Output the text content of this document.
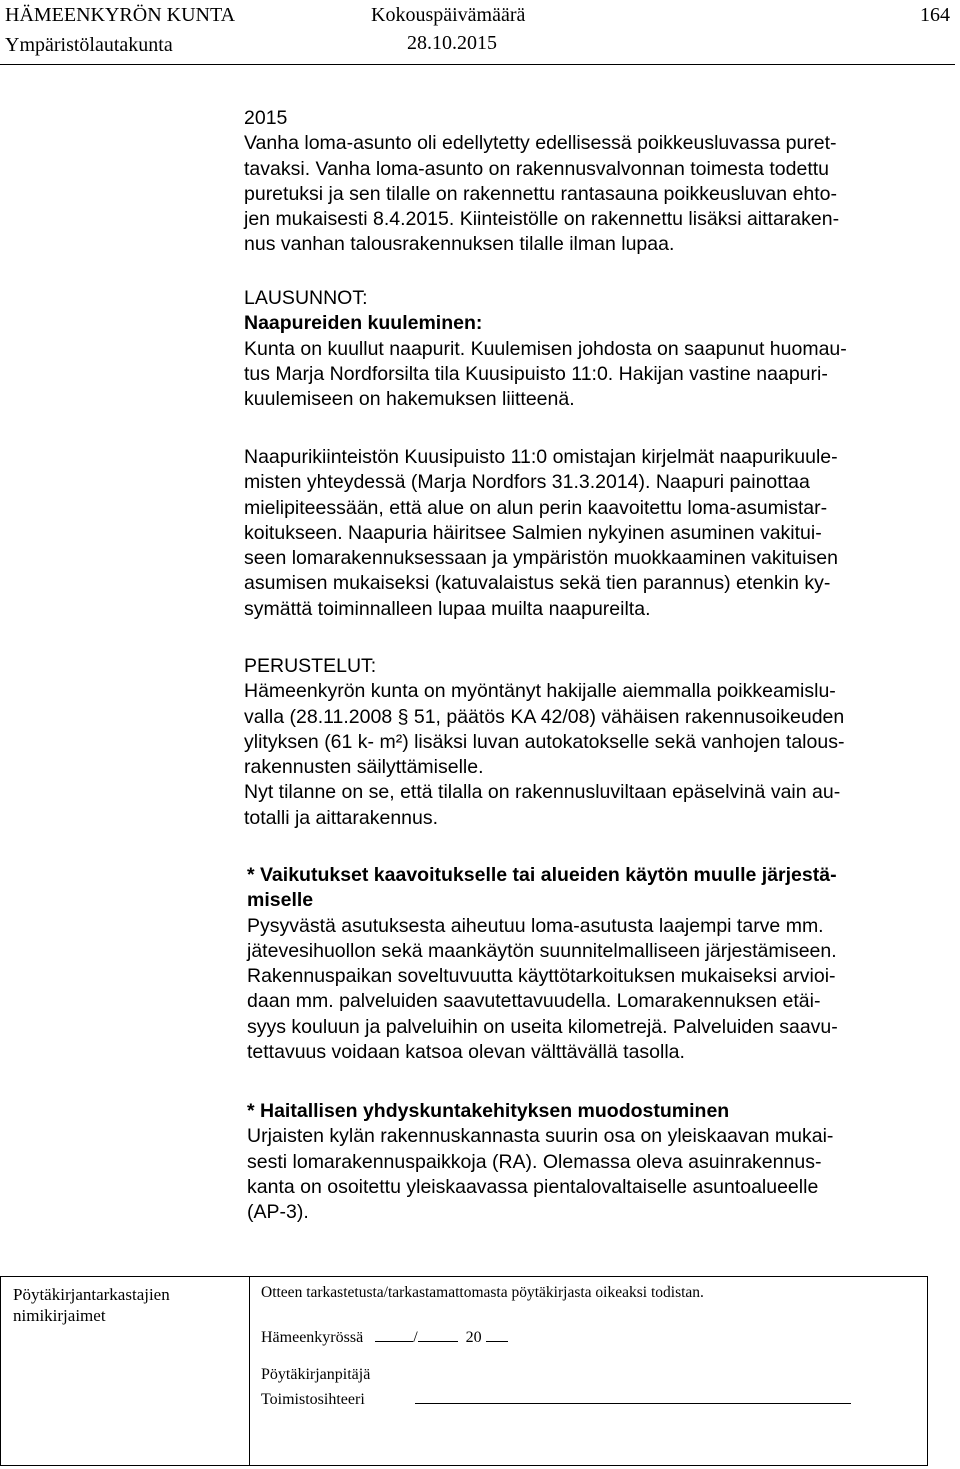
HÄMEENKYRÖN KUNTA	Kokouspäivämäärä
28.10.2015
164
Ympäristölautakunta
2015
Vanha loma-asunto oli edellytetty edellisessä poikkeusluvassa puret-
tavaksi. Vanha loma-asunto on rakennusvalvonnan toimesta todettu
puretuksi ja sen tilalle on rakennettu rantasauna poikkeusluvan ehto-
jen mukaisesti 8.4.2015. Kiinteistölle on rakennettu lisäksi aittaraken-
nus vanhan talousrakennuksen tilalle ilman lupaa.
LAUSUNNOT:
Naapureiden kuuleminen:
Kunta on kuullut naapurit. Kuulemisen johdosta on saapunut huomau-
tus Marja Nordforsilta tila Kuusipuisto 11:0. Hakijan vastine naapuri-
kuulemiseen on hakemuksen liitteenä.
Naapurikiinteistön Kuusipuisto 11:0 omistajan kirjelmät naapurikuule-
misten yhteydessä (Marja Nordfors 31.3.2014). Naapuri painottaa
mielipiteessään, että alue on alun perin kaavoitettu loma-asumistar-
koitukseen. Naapuria häiritsee Salmien nykyinen asuminen vakitui-
seen lomarakennuksessaan ja ympäristön muokkaaminen vakituisen
asumisen mukaiseksi (katuvalaistus sekä tien parannus) etenkin ky-
symättä toiminnalleen lupaa muilta naapureilta.
PERUSTELUT:
Hämeenkyrön kunta on myöntänyt hakijalle aiemmalla poikkeamislu-
valla (28.11.2008 § 51, päätös KA 42/08) vähäisen rakennusoikeuden
ylityksen (61 k- m²) lisäksi luvan autokatokselle sekä vanhojen talous-
rakennusten säilyttämiselle.
Nyt tilanne on se, että tilalla on rakennusluviltaan epäselvinä vain au-
totalli ja aittarakennus.
* Vaikutukset kaavoitukselle tai alueiden käytön muulle järjestä-
miselle
Pysyvästä asutuksesta aiheutuu loma-asutusta laajempi tarve mm.
jätevesihuollon sekä maankäytön suunnitelmalliseen järjestämiseen.
Rakennuspaikan soveltuvuutta käyttötarkoituksen mukaiseksi arvioi-
daan mm. palveluiden saavutettavuudella. Lomarakennuksen etäi-
syys kouluun ja palveluihin on useita kilometrejä. Palveluiden saavu-
tettavuus voidaan katsoa olevan välttävällä tasolla.
* Haitallisen yhdyskuntakehityksen muodostuminen
Urjaisten kylän rakennuskannasta suurin osa on yleiskaavan mukai-
sesti lomarakennuspaikkoja (RA). Olemassa oleva asuinrakennus-
kanta on osoitettu yleiskaavassa pientalovaltaiselle asuntoalueelle
(AP-3).
Pöytäkirjantarkastajien
nimikirjaimet
Otteen tarkastetusta/tarkastamattomasta pöytäkirjasta oikeaksi todistan.
Hämeenkyrössä	/	20
Pöytäkirjanpitäjä
Toimistosihteeri
